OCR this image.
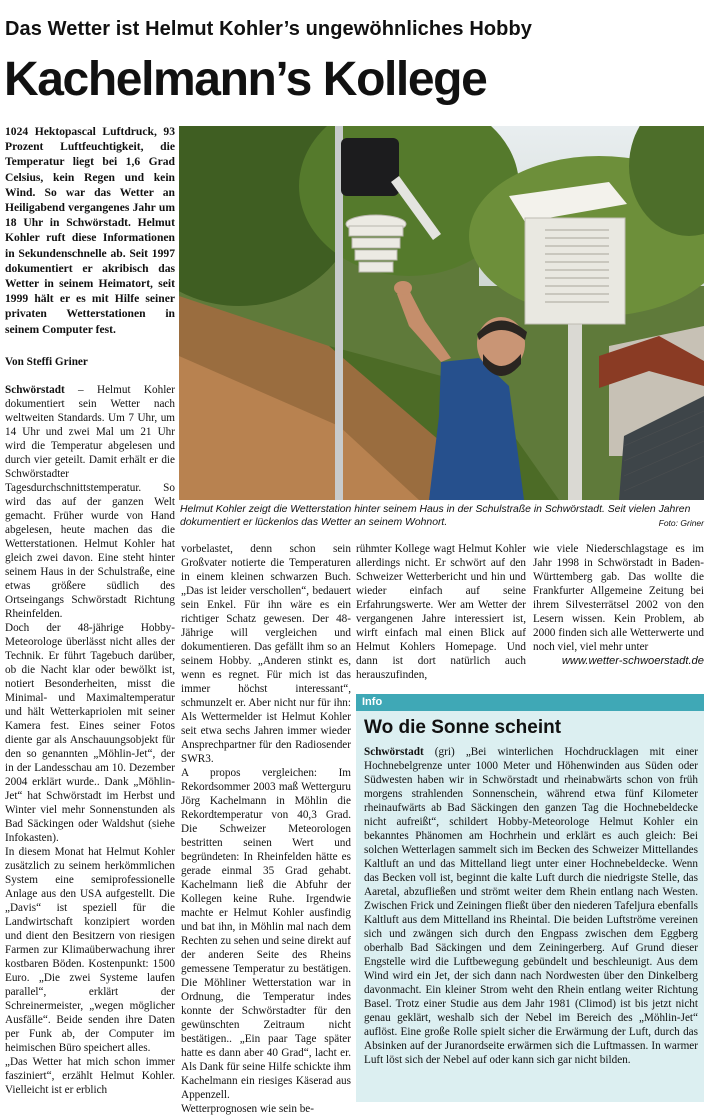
Das Wetter ist Helmut Kohler’s ungewöhnliches Hobby
Kachelmann’s Kollege

1024 Hektopascal Luftdruck, 93 Prozent Luftfeuchtigkeit, die Temperatur liegt bei 1,6 Grad Celsius, kein Regen und kein Wind. So war das Wetter an Heiligabend vergangenes Jahr um 18 Uhr in Schwörstadt. Helmut Kohler ruft diese Informationen in Sekundenschnelle ab. Seit 1997 dokumentiert er akribisch das Wetter in seinem Heimatort, seit 1999 hält er es mit Hilfe seiner privaten Wetterstationen in seinem Computer fest.

Von Steffi Griner

Schwörstadt – Helmut Kohler dokumentiert sein Wetter nach weltweiten Standards. Um 7 Uhr, um 14 Uhr und zwei Mal um 21 Uhr wird die Temperatur abgelesen und durch vier geteilt. Damit erhält er die Schwörstadter Tagesdurchschnittstemperatur. So wird das auf der ganzen Welt gemacht. Früher wurde von Hand abgelesen, heute machen das die Wetterstationen. Helmut Kohler hat gleich zwei davon. Eine steht hinter seinem Haus in der Schulstraße, eine etwas größere südlich des Ortseingangs Schwörstadt Richtung Rheinfelden.

Doch der 48-jährige Hobby-Meteorologe überlässt nicht alles der Technik. Er führt Tagebuch darüber, ob die Nacht klar oder bewölkt ist, notiert Besonderheiten, misst die Minimal- und Maximaltemperatur und hält Wetterkapriolen mit seiner Kamera fest. Eines seiner Fotos diente gar als Anschauungsobjekt für den so genannten „Möhlin-Jet“, der in der Landesschau am 10. Dezember 2004 erklärt wurde.. Dank „Möhlin-Jet“ hat Schwörstadt im Herbst und Winter viel mehr Sonnenstunden als Bad Säckingen oder Waldshut (siehe Infokasten).

In diesem Monat hat Helmut Kohler zusätzlich zu seinem herkömmlichen System eine semiprofessionelle Anlage aus den USA aufgestellt. Die „Davis“ ist speziell für die Landwirtschaft konzipiert worden und dient den Besitzern von riesigen Farmen zur Klimaüberwachung ihrer kostbaren Böden. Kostenpunkt: 1500 Euro. „Die zwei Systeme laufen parallel“, erklärt der Schreinermeister, „wegen möglicher Ausfälle“. Beide senden ihre Daten per Funk ab, der Computer im heimischen Büro speichert alles.

„Das Wetter hat mich schon immer fasziniert“, erzählt Helmut Kohler. Vielleicht ist er erblich

Helmut Kohler zeigt die Wetterstation hinter seinem Haus in der Schulstraße in Schwörstadt. Seit vielen Jahren dokumentiert er lückenlos das Wetter an seinem Wohnort.	Foto: Griner

vorbelastet, denn schon sein Großvater notierte die Temperaturen in einem kleinen schwarzen Buch. „Das ist leider verschollen“, bedauert sein Enkel. Für ihn wäre es ein richtiger Schatz gewesen. Der 48-Jährige will vergleichen und dokumentieren. Das gefällt ihm so an seinem Hobby. „Anderen stinkt es, wenn es regnet. Für mich ist das immer höchst interessant“, schmunzelt er. Aber nicht nur für ihn: Als Wettermelder ist Helmut Kohler seit etwa sechs Jahren immer wieder Ansprechpartner für den Radiosender SWR3.

A propos vergleichen: Im Rekordsommer 2003 maß Wetterguru Jörg Kachelmann in Möhlin die Rekordtemperatur von 40,3 Grad. Die Schweizer Meteorologen bestritten seinen Wert und begründeten: In Rheinfelden hätte es gerade einmal 35 Grad gehabt. Kachelmann ließ die Abfuhr der Kollegen keine Ruhe. Irgendwie machte er Helmut Kohler ausfindig und bat ihn, in Möhlin mal nach dem Rechten zu sehen und seine direkt auf der anderen Seite des Rheins gemessene Temperatur zu bestätigen. Die Möhliner Wetterstation war in Ordnung, die Temperatur indes konnte der Schwörstadter für den gewünschten Zeitraum nicht bestätigen.. „Ein paar Tage später hatte es dann aber 40 Grad“, lacht er. Als Dank für seine Hilfe schickte ihm Kachelmann ein riesiges Käserad aus Appenzell.

Wetterprognosen wie sein be-

rühmter Kollege wagt Helmut Kohler allerdings nicht. Er schwört auf den Schweizer Wetterbericht und hin und wieder einfach auf seine Erfahrungswerte. Wer am Wetter der vergangenen Jahre interessiert ist, wirft einfach mal einen Blick auf Helmut Kohlers Homepage. Und dann ist dort natürlich auch herauszufinden,

wie viele Niederschlagstage es im Jahr 1998 in Schwörstadt in Baden-Württemberg gab. Das wollte die Frankfurter Allgemeine Zeitung bei ihrem Silvesterrätsel 2002 von den Lesern wissen. Kein Problem, ab 2000 finden sich alle Wetterwerte und noch viel, viel mehr unter

www.wetter-schwoerstadt.de

Info
Wo die Sonne scheint

Schwörstadt (gri) „Bei winterlichen Hochdrucklagen mit einer Hochnebelgrenze unter 1000 Meter und Höhenwinden aus Süden oder Südwesten haben wir in Schwörstadt und rheinabwärts schon von früh morgens strahlenden Sonnenschein, während etwa fünf Kilometer rheinaufwärts ab Bad Säckingen den ganzen Tag die Hochnebeldecke nicht aufreißt“, schildert Hobby-Meteorologe Helmut Kohler ein bekanntes Phänomen am Hochrhein und erklärt es auch gleich: Bei solchen Wetterlagen sammelt sich im Becken des Schweizer Mittellandes Kaltluft an und das Mittelland liegt unter einer Hochnebeldecke. Wenn das Becken voll ist, beginnt die kalte Luft durch die niedrigste Stelle, das Aaretal, abzufließen und strömt weiter dem Rhein entlang nach Westen. Zwischen Frick und Zeiningen fließt über den niederen Tafeljura ebenfalls Kaltluft aus dem Mittelland ins Rheintal. Die beiden Luftströme vereinen sich und zwängen sich durch den Engpass zwischen dem Eggberg oberhalb Bad Säckingen und dem Zeiningerberg. Auf Grund dieser Engstelle wird die Luftbewegung gebündelt und beschleunigt. Aus dem Wind wird ein Jet, der sich dann nach Nordwesten über den Dinkelberg davonmacht. Ein kleiner Strom weht den Rhein entlang weiter Richtung Basel. Trotz einer Studie aus dem Jahr 1981 (Climod) ist bis jetzt nicht genau geklärt, weshalb sich der Nebel im Bereich des „Möhlin-Jet“ auflöst. Eine große Rolle spielt sicher die Erwärmung der Luft, durch das Absinken auf der Juranordseite erwärmen sich die Luftmassen. In warmer Luft löst sich der Nebel auf oder kann sich gar nicht bilden.
